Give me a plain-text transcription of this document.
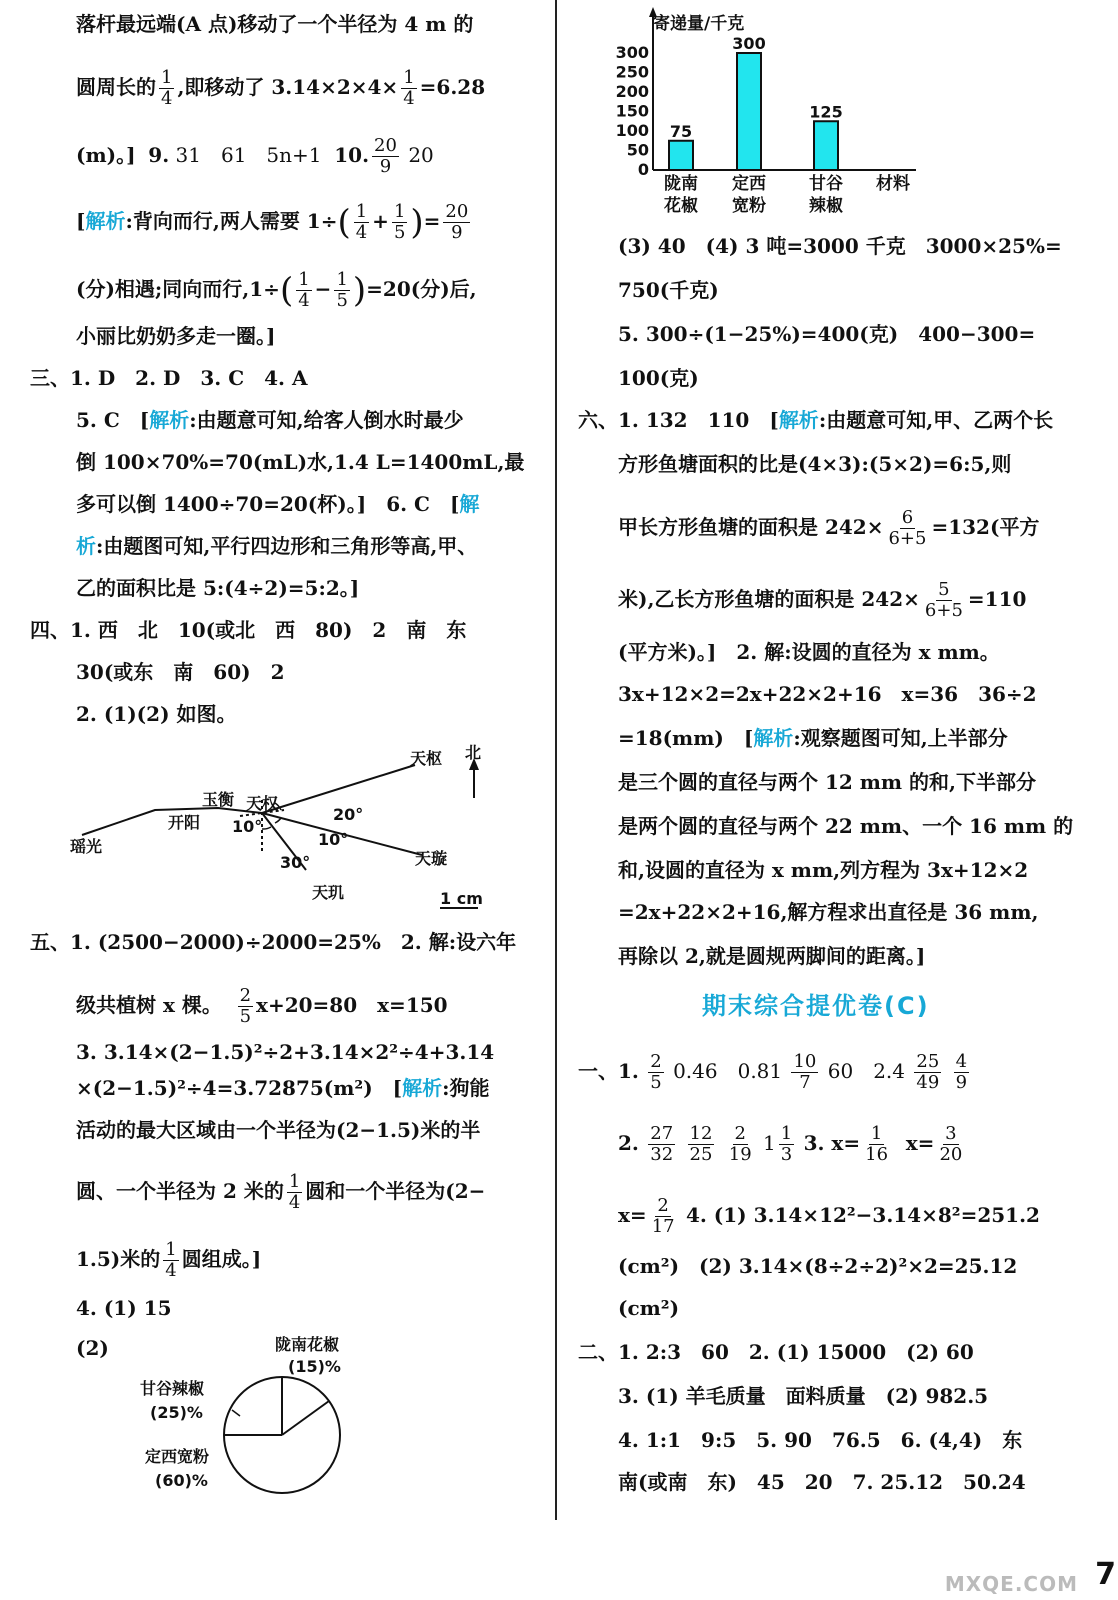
落杆最远端(A 点)移动了一个半径为 4 m 的
圆周长的 $\frac{1}{4}$ ,即移动了 $3.14\times 2\times 4\times \frac{1}{4} =6.28$
(m)。] 9. 31　61　5n+1 10. $\frac{20}{9} 20$
[解析:背向而行,两人需要 $1\div( \frac{1}{4} + \frac{1}{5}$ )= $\frac{20}{9}$
(分)相遇;同向而行$,1\div( \frac{1}{4} - \frac{1}{5} )=20$(分)后,
小丽比奶奶多走一圈。]
三、1. D　2. D　3. C　4. A
5. C　[解析:由题意可知,给客人倒水时最少
倒 100×70%=70(mL)水,1.4 L=1400mL,最
多可以倒 1400÷70=20(杯)。]　6. C　[解
析:由题图可知,平行四边形和三角形等高,甲、
乙的面积比是 5:(4÷2)=5:2。]
四、1. 西　北　10(或北　西　80)　2　南　东
30(或东　南　60)　2
2. (1)(2) 如图。
北
天枢
玉衡 天权
开阳
瑶光
天璇
天玑
20°
10°
10°
30°
1 cm
五、1. (2500−2000)÷2000=25%　2. 解:设六年
级共植树 x 棵。 $\frac{2}{5} x+20=80$　x=150
3. 3.14×(2−1.5)²÷2+3.14×2²÷4+3.14
×(2−1.5)²÷4=3.72875(m²)　[解析:狗能
活动的最大区域由一个半径为(2−1.5)米的半
圆、一个半径为 2 米的 $\frac{1}{4}$ 圆和一个半径为(2−
1.5)米的 $\frac{1}{4}$ 圆组成。]
4. (1) 15
(2)	陇南花椒
(15)%
甘谷辣椒
(25)%
定西宽粉
(60)%
寄递量/千克
材料
0
50
100
150
200
250
300
75
陇南
花椒
300
定西
宽粉
125
甘谷
辣椒
(3) 40　(4) 3 吨=3000 千克　3000×25%=
750(千克)
5. 300÷(1−25%)=400(克)　400−300=
100(克)
六、1. 132　110　[解析:由题意可知,甲、乙两个长
方形鱼塘面积的比是(4×3):(5×2)=6:5,则
甲长方形鱼塘的面积是 $242\times \frac{6}{6+5} =132$(平方
米),乙长方形鱼塘的面积是 $242\times \frac{5}{6+5} =110$
(平方米)。]　2. 解:设圆的直径为 x mm。
3x+12×2=2x+22×2+16　x=36　36÷2
=18(mm)　[解析:观察题图可知,上半部分
是三个圆的直径与两个 12 mm 的和,下半部分
是两个圆的直径与两个 22 mm、一个 16 mm 的
和,设圆的直径为 x mm,列方程为 3x+12×2
=2x+22×2+16,解方程求出直径是 36 mm,
再除以 2,就是圆规两脚间的距离。]
期末综合提优卷(C)
一、1. $\frac{2}{5} 0.46$　$0.81 \frac{10}{7} 60$　$2.4 \frac{25}{49}$
$\frac{4}{9}$
2. $\frac{27}{32}$
$\frac{12}{25}$
$\frac{2}{19} 1 \frac{1}{3} 3$. $x= \frac{1}{16} x= \frac{3}{20}$
$x= \frac{2}{17} 4$. (1) 3.14×12²−3.14×8²=251.2
(cm²)　(2) 3.14×(8÷2÷2)²×2=25.12
(cm²)
二、1. 2:3　60　2. (1) 15000　(2) 60
3. (1) 羊毛质量　面料质量　(2) 982.5
4. 1:1　9:5　5. 90　76.5　6. (4,4)　东
南(或南　东)　45　20　7. 25.12　50.24
MXQE.COM 7
